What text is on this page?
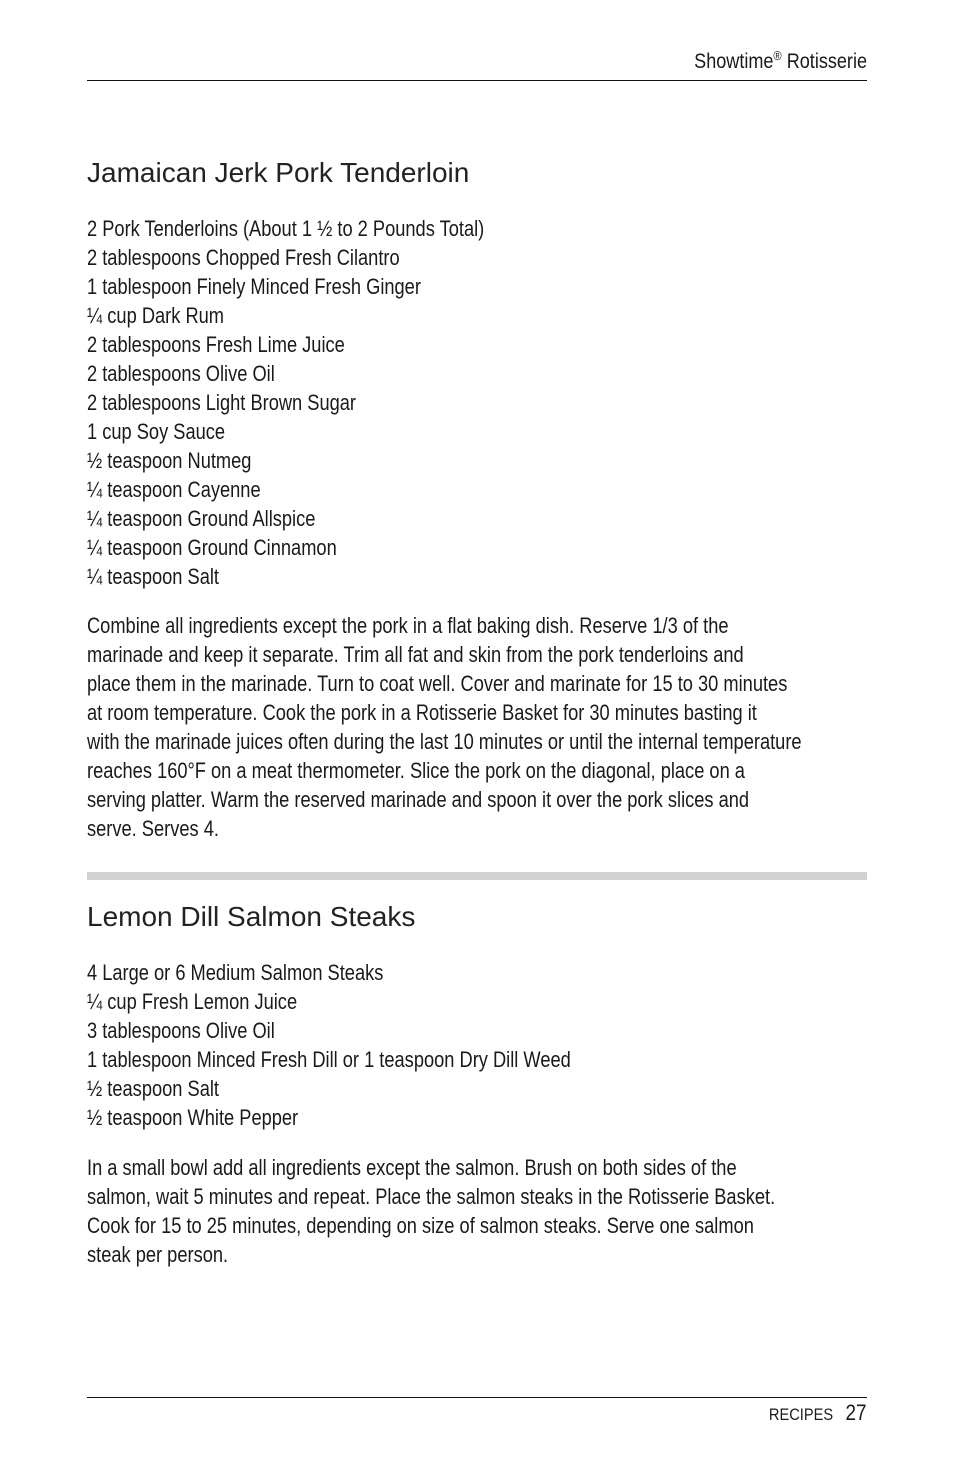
Showtime® Rotisserie
Jamaican Jerk Pork Tenderloin
2 Pork Tenderloins (About 1 ½ to 2 Pounds Total)
2 tablespoons Chopped Fresh Cilantro
1 tablespoon Finely Minced Fresh Ginger
¼ cup Dark Rum
2 tablespoons Fresh Lime Juice
2 tablespoons Olive Oil
2 tablespoons Light Brown Sugar
1 cup Soy Sauce
½ teaspoon Nutmeg
¼ teaspoon Cayenne
¼ teaspoon Ground Allspice
¼ teaspoon Ground Cinnamon
¼ teaspoon Salt
Combine all ingredients except the pork in a flat baking dish. Reserve 1/3 of the
marinade and keep it separate. Trim all fat and skin from the pork tenderloins and
place them in the marinade. Turn to coat well. Cover and marinate for 15 to 30 minutes
at room temperature. Cook the pork in a Rotisserie Basket for 30 minutes basting it
with the marinade juices often during the last 10 minutes or until the internal temperature
reaches 160°F on a meat thermometer. Slice the pork on the diagonal, place on a
serving platter. Warm the reserved marinade and spoon it over the pork slices and
serve. Serves 4.
Lemon Dill Salmon Steaks
4 Large or 6 Medium Salmon Steaks
¼ cup Fresh Lemon Juice
3 tablespoons Olive Oil
1 tablespoon Minced Fresh Dill or 1 teaspoon Dry Dill Weed
½ teaspoon Salt
½ teaspoon White Pepper
In a small bowl add all ingredients except the salmon. Brush on both sides of the
salmon, wait 5 minutes and repeat. Place the salmon steaks in the Rotisserie Basket.
Cook for 15 to 25 minutes, depending on size of salmon steaks. Serve one salmon
steak per person.
RECIPES 27
